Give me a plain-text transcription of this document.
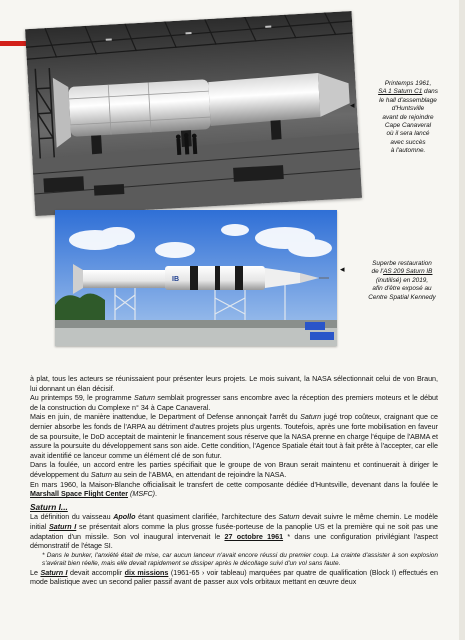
◂
Printemps 1961,
SA 1 Saturn C1 dans
le hall d'assemblage
d'Huntsville
avant de rejoindre
Cape Canaveral
où il sera lancé
avec succès
à l'automne.
IB
◂
Superbe restauration
de l'AS 209 Saturn IB
(inutilisé) en 2019,
afin d'être exposé au
Centre Spatial Kennedy

à plat, tous les acteurs se réunissaient pour présenter leurs projets. Le mois suivant, la NASA sélectionnait celui de von Braun, lui donnant un élan décisif.

Au printemps 59, le programme Saturn semblait progresser sans encombre avec la réception des premiers moteurs et le début de la construction du Complexe n° 34 à Cape Canaveral.

Mais en juin, de manière inattendue, le Department of Defense annonçait l'arrêt du Saturn jugé trop coûteux, craignant que ce dernier absorbe les fonds de l'ARPA au détriment d'autres projets plus urgents. Toutefois, après une forte mobilisation en faveur de sa poursuite, le DoD acceptait de maintenir le financement sous réserve que la NASA prenne en charge l'équipe de l'ABMA et assure la poursuite du développement sans son aide. Cette condition, l'Agence Spatiale était tout à fait prête à l'accepter, car elle avait identifié ce lanceur comme un élément clé de son futur.

Dans la foulée, un accord entre les parties spécifiait que le groupe de von Braun serait maintenu et continuerait à diriger le développement du Saturn au sein de l'ABMA, en attendant de rejoindre la NASA.

En mars 1960, la Maison-Blanche officialisait le transfert de cette composante dédiée d'Huntsville, devenant dans la foulée le Marshall Space Flight Center (MSFC).

Saturn I...

La définition du vaisseau Apollo étant quasiment clarifiée, l'architecture des Saturn devait suivre le même chemin. Le modèle initial Saturn I se présentait alors comme la plus grosse fusée-porteuse de la panoplie US et la première qui ne soit pas une adaptation d'un missile. Son vol inaugural intervenait le 27 octobre 1961 * dans une configuration privilégiant l'aspect démonstratif de l'étage SI.

* Dans le bunker, l'anxiété était de mise, car aucun lanceur n'avait encore réussi du premier coup. La crainte d'assister à son explosion s'avérait bien réelle, mais elle devait rapidement se dissiper après le décollage suivi d'un vol sans faute.

Le Saturn I devait accomplir dix missions (1961-65 › voir tableau) marquées par quatre de qualification (Block I) effectués en mode balistique avec un second palier passif avant de passer aux vols orbitaux mettant en œuvre deux
